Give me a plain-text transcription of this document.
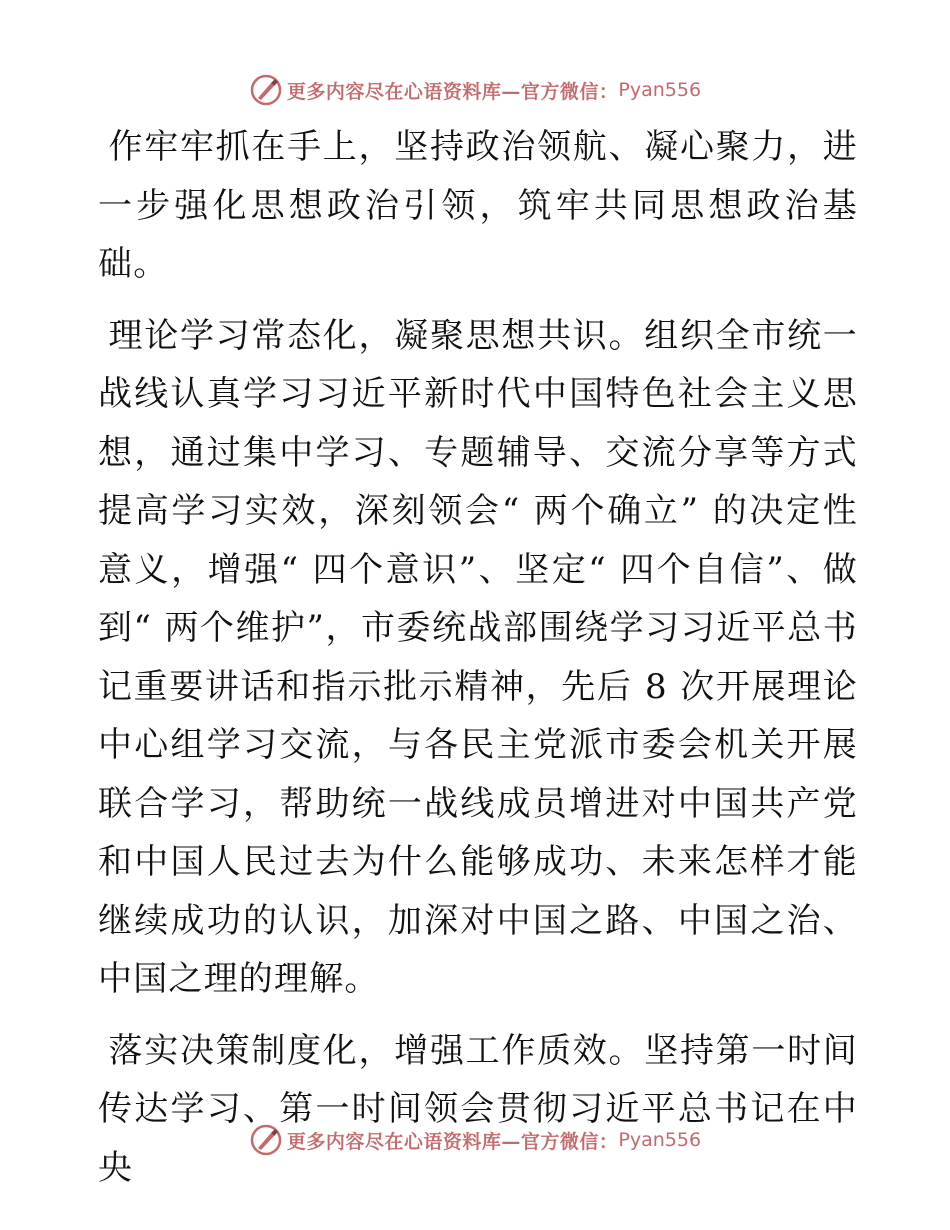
更多内容尽在心语资料库—官方微信： Pyan556

作牢牢抓在手上，坚持政治领航、凝心聚力，进一步强化思想政治引领，筑牢共同思想政治基础。

理论学习常态化，凝聚思想共识。组织全市统一战线认真学习习近平新时代中国特色社会主义思想，通过集中学习、专题辅导、交流分享等方式提高学习实效，深刻领会“ 两个确立” 的决定性意义，增强“ 四个意识”、坚定“ 四个自信”、做到“ 两个维护”，市委统战部围绕学习习近平总书记重要讲话和指示批示精神，先后 8 次开展理论中心组学习交流，与各民主党派市委会机关开展联合学习，帮助统一战线成员增进对中国共产党和中国人民过去为什么能够成功、未来怎样才能继续成功的认识，加深对中国之路、中国之治、中国之理的理解。

落实决策制度化，增强工作质效。坚持第一时间传达学习、第一时间领会贯彻习近平总书记在中央

更多内容尽在心语资料库—官方微信： Pyan556
